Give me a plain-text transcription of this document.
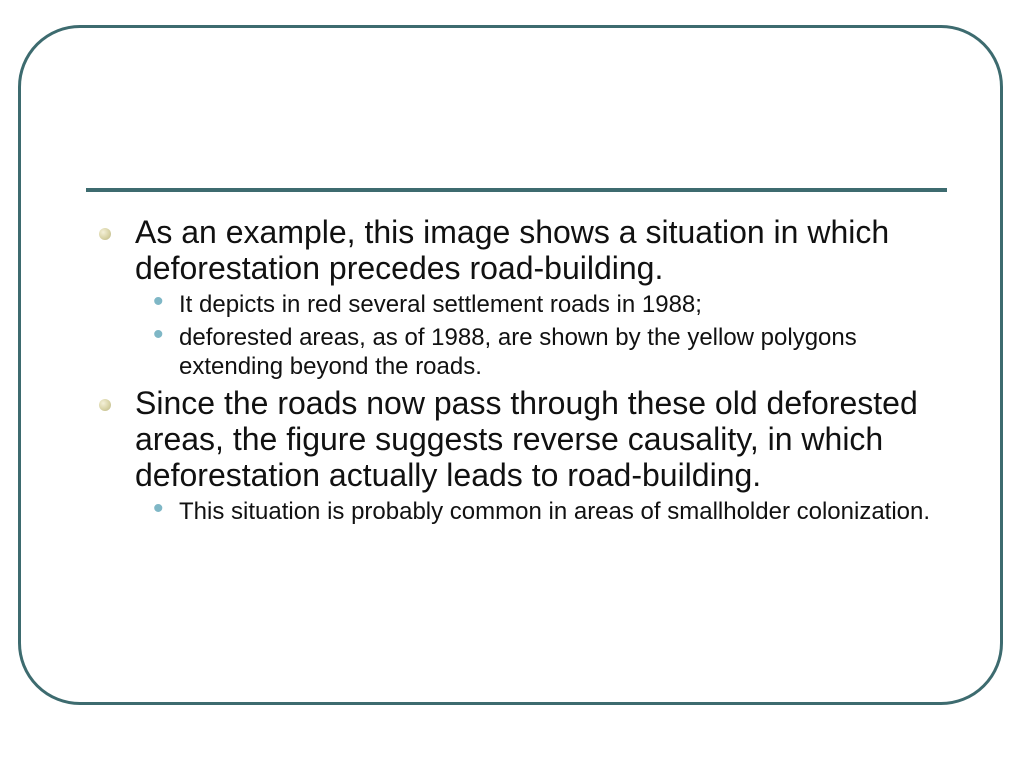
As an example, this image shows a situation in which deforestation precedes road-building.
• It depicts in red several settlement roads in 1988;
• deforested areas, as of 1988, are shown by the yellow polygons extending beyond the roads.
Since the roads now pass through these old deforested areas, the figure suggests reverse causality, in which deforestation actually leads to road-building.
• This situation is probably common in areas of smallholder colonization.
